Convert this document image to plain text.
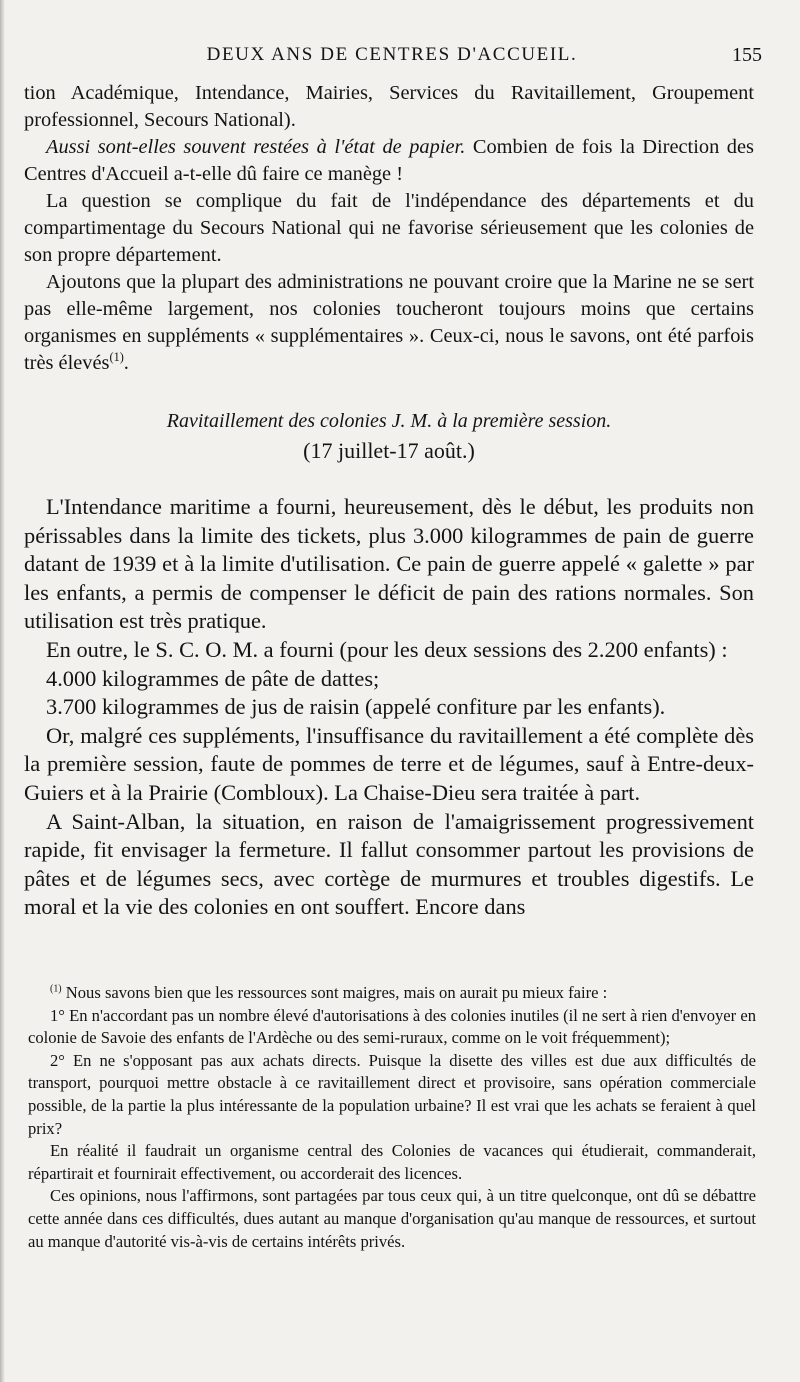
DEUX ANS DE CENTRES D'ACCUEIL.	155

tion Académique, Intendance, Mairies, Services du Ravitaillement, Groupement professionnel, Secours National).

Aussi sont-elles souvent restées à l'état de papier. Combien de fois la Direction des Centres d'Accueil a-t-elle dû faire ce manège !

La question se complique du fait de l'indépendance des départements et du compartimentage du Secours National qui ne favorise sérieusement que les colonies de son propre département.

Ajoutons que la plupart des administrations ne pouvant croire que la Marine ne se sert pas elle-même largement, nos colonies toucheront toujours moins que certains organismes en suppléments « supplémentaires ». Ceux-ci, nous le savons, ont été parfois très élevés$^{(1)}$.

Ravitaillement des colonies J. M. à la première session.

(17 juillet-17 août.)

L'Intendance maritime a fourni, heureusement, dès le début, les produits non périssables dans la limite des tickets, plus 3.000 kilogrammes de pain de guerre datant de 1939 et à la limite d'utilisation. Ce pain de guerre appelé « galette » par les enfants, a permis de compenser le déficit de pain des rations normales. Son utilisation est très pratique.

En outre, le S. C. O. M. a fourni (pour les deux sessions des 2.200 enfants) :

4.000 kilogrammes de pâte de dattes;

3.700 kilogrammes de jus de raisin (appelé confiture par les enfants).

Or, malgré ces suppléments, l'insuffisance du ravitaillement a été complète dès la première session, faute de pommes de terre et de légumes, sauf à Entre-deux-Guiers et à la Prairie (Combloux). La Chaise-Dieu sera traitée à part.

A Saint-Alban, la situation, en raison de l'amaigrissement progressivement rapide, fit envisager la fermeture. Il fallut consommer partout les provisions de pâtes et de légumes secs, avec cortège de murmures et troubles digestifs. Le moral et la vie des colonies en ont souffert. Encore dans

$^{(1)}$ Nous savons bien que les ressources sont maigres, mais on aurait pu mieux faire :

1° En n'accordant pas un nombre élevé d'autorisations à des colonies inutiles (il ne sert à rien d'envoyer en colonie de Savoie des enfants de l'Ardèche ou des semi-ruraux, comme on le voit fréquemment);

2° En ne s'opposant pas aux achats directs. Puisque la disette des villes est due aux difficultés de transport, pourquoi mettre obstacle à ce ravitaillement direct et provisoire, sans opération commerciale possible, de la partie la plus intéressante de la population urbaine? Il est vrai que les achats se feraient à quel prix?

En réalité il faudrait un organisme central des Colonies de vacances qui étudierait, commanderait, répartirait et fournirait effectivement, ou accorderait des licences.

Ces opinions, nous l'affirmons, sont partagées par tous ceux qui, à un titre quelconque, ont dû se débattre cette année dans ces difficultés, dues autant au manque d'organisation qu'au manque de ressources, et surtout au manque d'autorité vis-à-vis de certains intérêts privés.
